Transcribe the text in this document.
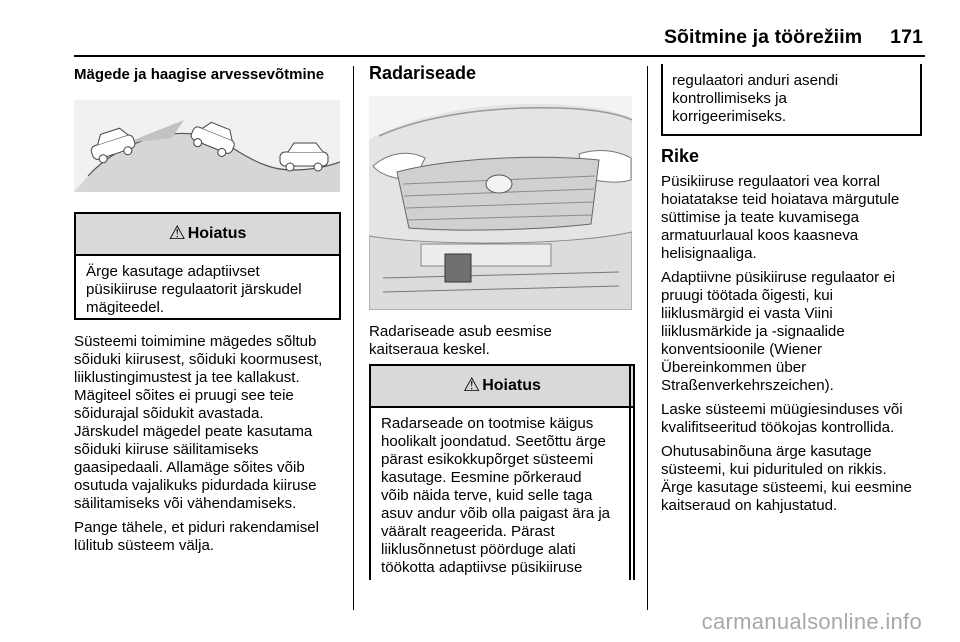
Sõitmine ja töörežiim 171
Mägede ja haagise arvessevõtmine
⚠ Hoiatus
Ärge kasutage adaptiivset
püsikiiruse regulaatorit järskudel
mägiteedel.

Süsteemi toimimine mägedes sõltub
sõiduki kiirusest, sõiduki koormusest,
liiklustingimustest ja tee kallakust.
Mägiteel sõites ei pruugi see teie
sõidurajal sõidukit avastada.
Järskudel mägedel peate kasutama
sõiduki kiiruse säilitamiseks
gaasipedaali. Allamäge sõites võib
osutuda vajalikuks pidurdada kiiruse
säilitamiseks või vähendamiseks.

Pange tähele, et piduri rakendamisel
lülitub süsteem välja.

Radariseade
Radariseade asub eesmise
kaitseraua keskel.
⚠ Hoiatus
Radarseade on tootmise käigus
hoolikalt joondatud. Seetõttu ärge
pärast esikokkupõrget süsteemi
kasutage. Eesmine põrkeraud
võib näida terve, kuid selle taga
asuv andur võib olla paigast ära ja
vääralt reageerida. Pärast
liiklusõnnetust pöörduge alati
töökotta adaptiivse püsikiiruse
regulaatori anduri asendi
kontrollimiseks ja
korrigeerimiseks.
Rike

Püsikiiruse regulaatori vea korral
hoiatatakse teid hoiatava märgutule
süttimise ja teate kuvamisega
armatuurlaual koos kaasneva
helisignaaliga.

Adaptiivne püsikiiruse regulaator ei
pruugi töötada õigesti, kui
liiklusmärgid ei vasta Viini
liiklusmärkide ja -signaalide
konventsioonile (Wiener
Übereinkommen über
Straßenverkehrszeichen).

Laske süsteemi müügiesinduses või
kvalifitseeritud töökojas kontrollida.

Ohutusabinõuna ärge kasutage
süsteemi, kui pidurituled on rikkis.
Ärge kasutage süsteemi, kui eesmine
kaitseraud on kahjustatud.

carmanualsonline.info
